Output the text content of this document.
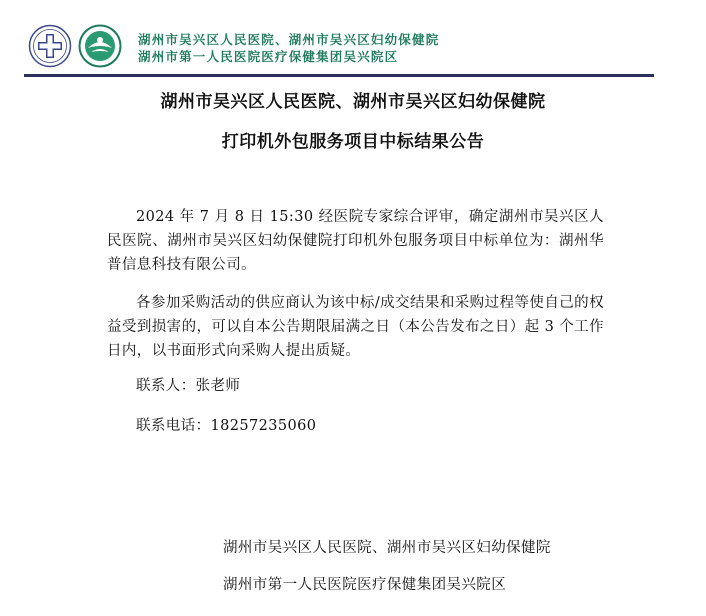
湖州市吴兴区人民医院、湖州市吴兴区妇幼保健院
湖州市第一人民医院医疗保健集团吴兴院区
湖州市吴兴区人民医院、湖州市吴兴区妇幼保健院
打印机外包服务项目中标结果公告

2024 年 7 月 8 日 15:30 经医院专家综合评审，确定湖州市吴兴区人民医院、湖州市吴兴区妇幼保健院打印机外包服务项目中标单位为：湖州华普信息科技有限公司。

各参加采购活动的供应商认为该中标/成交结果和采购过程等使自己的权益受到损害的，可以自本公告期限届满之日（本公告发布之日）起 3 个工作日内，以书面形式向采购人提出质疑。

联系人：张老师
联系电话：18257235060
湖州市吴兴区人民医院、湖州市吴兴区妇幼保健院
湖州市第一人民医院医疗保健集团吴兴院区
